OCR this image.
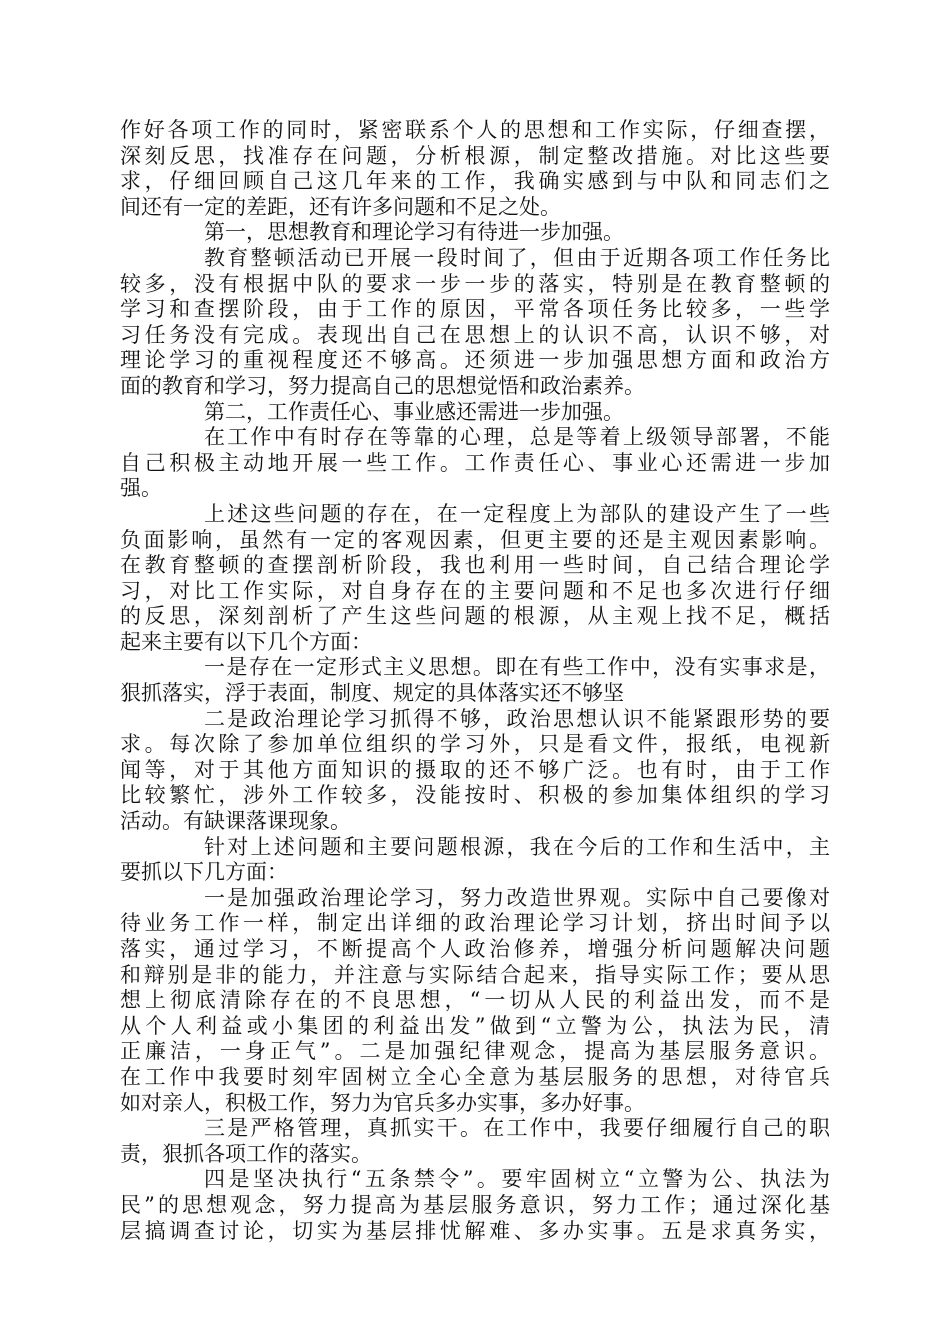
作好各项工作的同时，紧密联系个人的思想和工作实际，仔细查摆，
深刻反思，找准存在问题，分析根源，制定整改措施。对比这些要
求，仔细回顾自己这几年来的工作，我确实感到与中队和同志们之
间还有一定的差距，还有许多问题和不足之处。
第一，思想教育和理论学习有待进一步加强。
教育整顿活动已开展一段时间了，但由于近期各项工作任务比
较多，没有根据中队的要求一步一步的落实，特别是在教育整顿的
学习和查摆阶段，由于工作的原因，平常各项任务比较多，一些学
习任务没有完成。表现出自己在思想上的认识不高，认识不够，对
理论学习的重视程度还不够高。还须进一步加强思想方面和政治方
面的教育和学习，努力提高自己的思想觉悟和政治素养。
第二，工作责任心、事业感还需进一步加强。
在工作中有时存在等靠的心理，总是等着上级领导部署，不能
自己积极主动地开展一些工作。工作责任心、事业心还需进一步加
强。
上述这些问题的存在，在一定程度上为部队的建设产生了一些
负面影响，虽然有一定的客观因素，但更主要的还是主观因素影响。
在教育整顿的查摆剖析阶段，我也利用一些时间，自己结合理论学
习，对比工作实际，对自身存在的主要问题和不足也多次进行仔细
的反思，深刻剖析了产生这些问题的根源，从主观上找不足，概括
起来主要有以下几个方面：
一是存在一定形式主义思想。即在有些工作中，没有实事求是，
狠抓落实，浮于表面，制度、规定的具体落实还不够坚
二是政治理论学习抓得不够，政治思想认识不能紧跟形势的要
求。每次除了参加单位组织的学习外，只是看文件，报纸，电视新
闻等，对于其他方面知识的摄取的还不够广泛。也有时，由于工作
比较繁忙，涉外工作较多，没能按时、积极的参加集体组织的学习
活动。有缺课落课现象。
针对上述问题和主要问题根源，我在今后的工作和生活中，主
要抓以下几方面：
一是加强政治理论学习，努力改造世界观。实际中自己要像对
待业务工作一样，制定出详细的政治理论学习计划，挤出时间予以
落实，通过学习，不断提高个人政治修养，增强分析问题解决问题
和辩别是非的能力，并注意与实际结合起来，指导实际工作；要从思
想上彻底清除存在的不良思想，“一切从人民的利益出发，而不是
从个人利益或小集团的利益出发”做到“立警为公，执法为民，清
正廉洁，一身正气”。二是加强纪律观念，提高为基层服务意识。
在工作中我要时刻牢固树立全心全意为基层服务的思想，对待官兵
如对亲人，积极工作，努力为官兵多办实事，多办好事。
三是严格管理，真抓实干。在工作中，我要仔细履行自己的职
责，狠抓各项工作的落实。
四是坚决执行“五条禁令”。要牢固树立“立警为公、执法为
民”的思想观念，努力提高为基层服务意识，努力工作；通过深化基
层搞调查讨论，切实为基层排忧解难、多办实事。五是求真务实，
